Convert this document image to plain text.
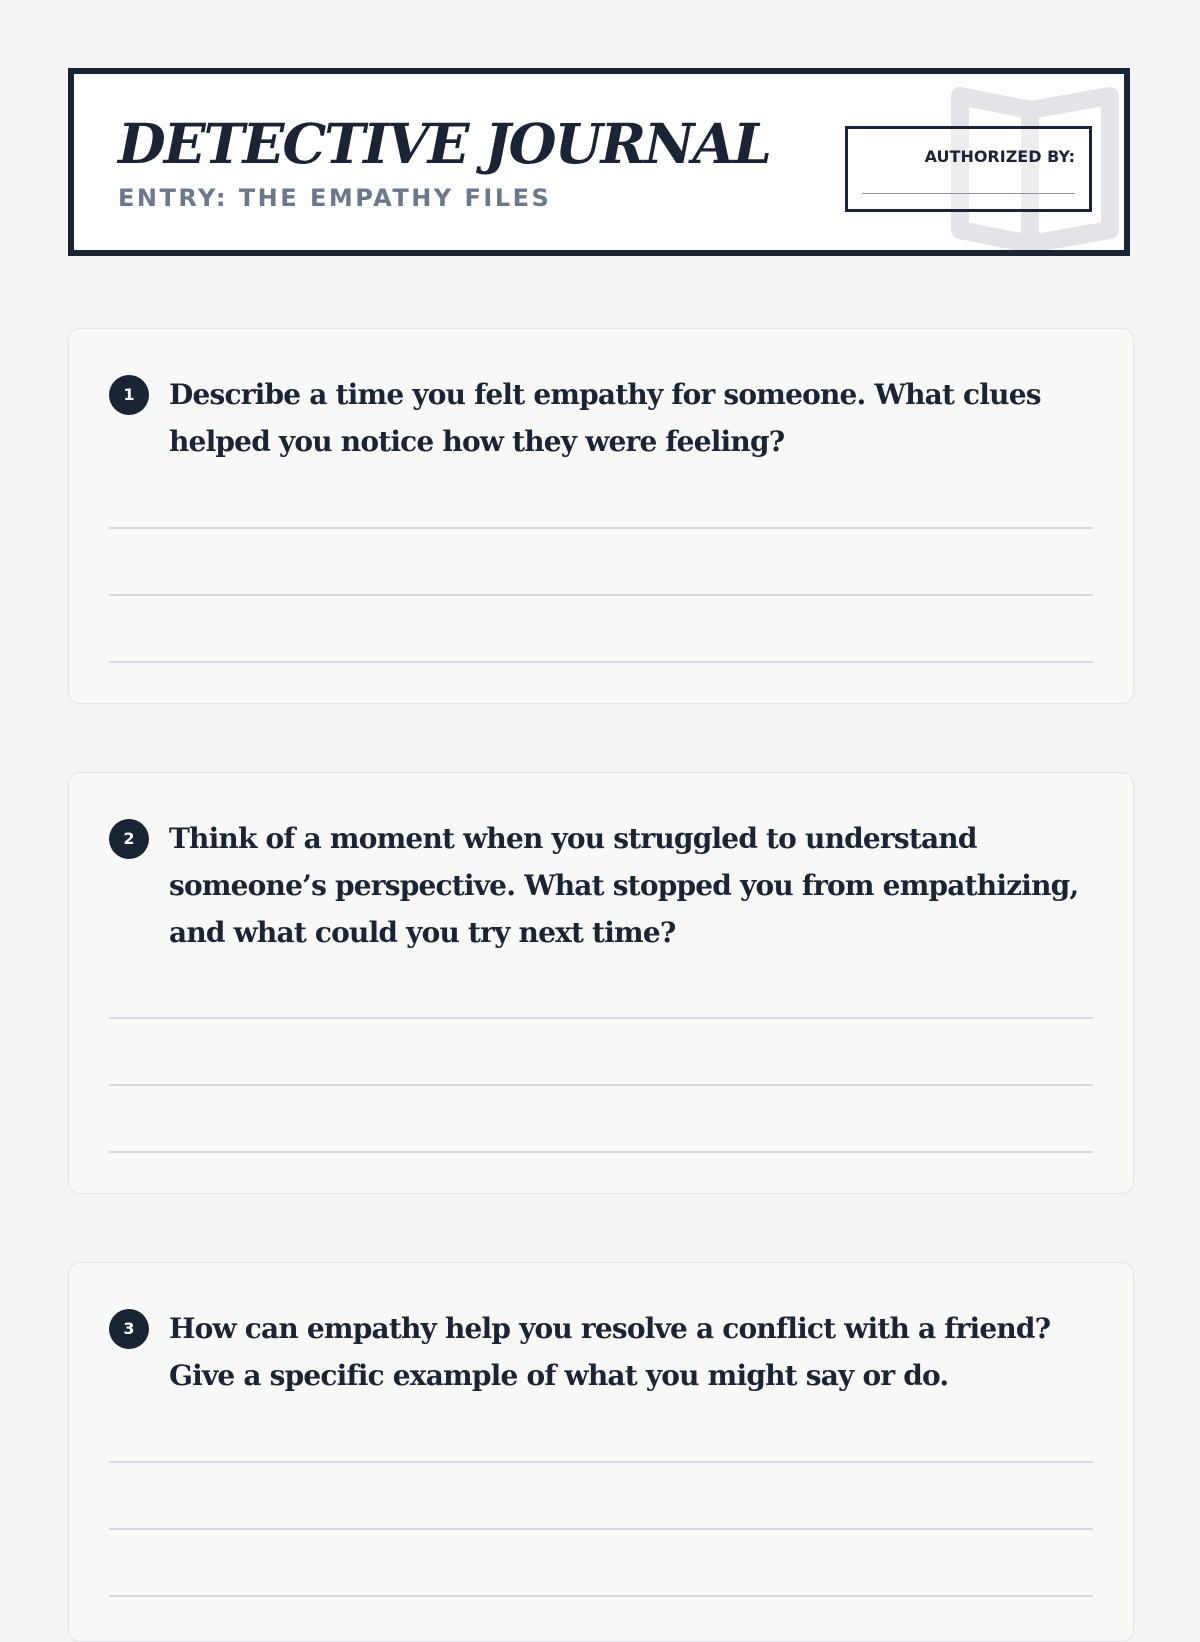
DETECTIVE JOURNAL
ENTRY: THE EMPATHY FILES
AUTHORIZED BY:
1	Describe a time you felt empathy for someone. What clues helped you notice how they were feeling?

2	Think of a moment when you struggled to understand someone’s perspective. What stopped you from empathizing, and what could you try next time?

3	How can empathy help you resolve a conflict with a friend? Give a specific example of what you might say or do.
